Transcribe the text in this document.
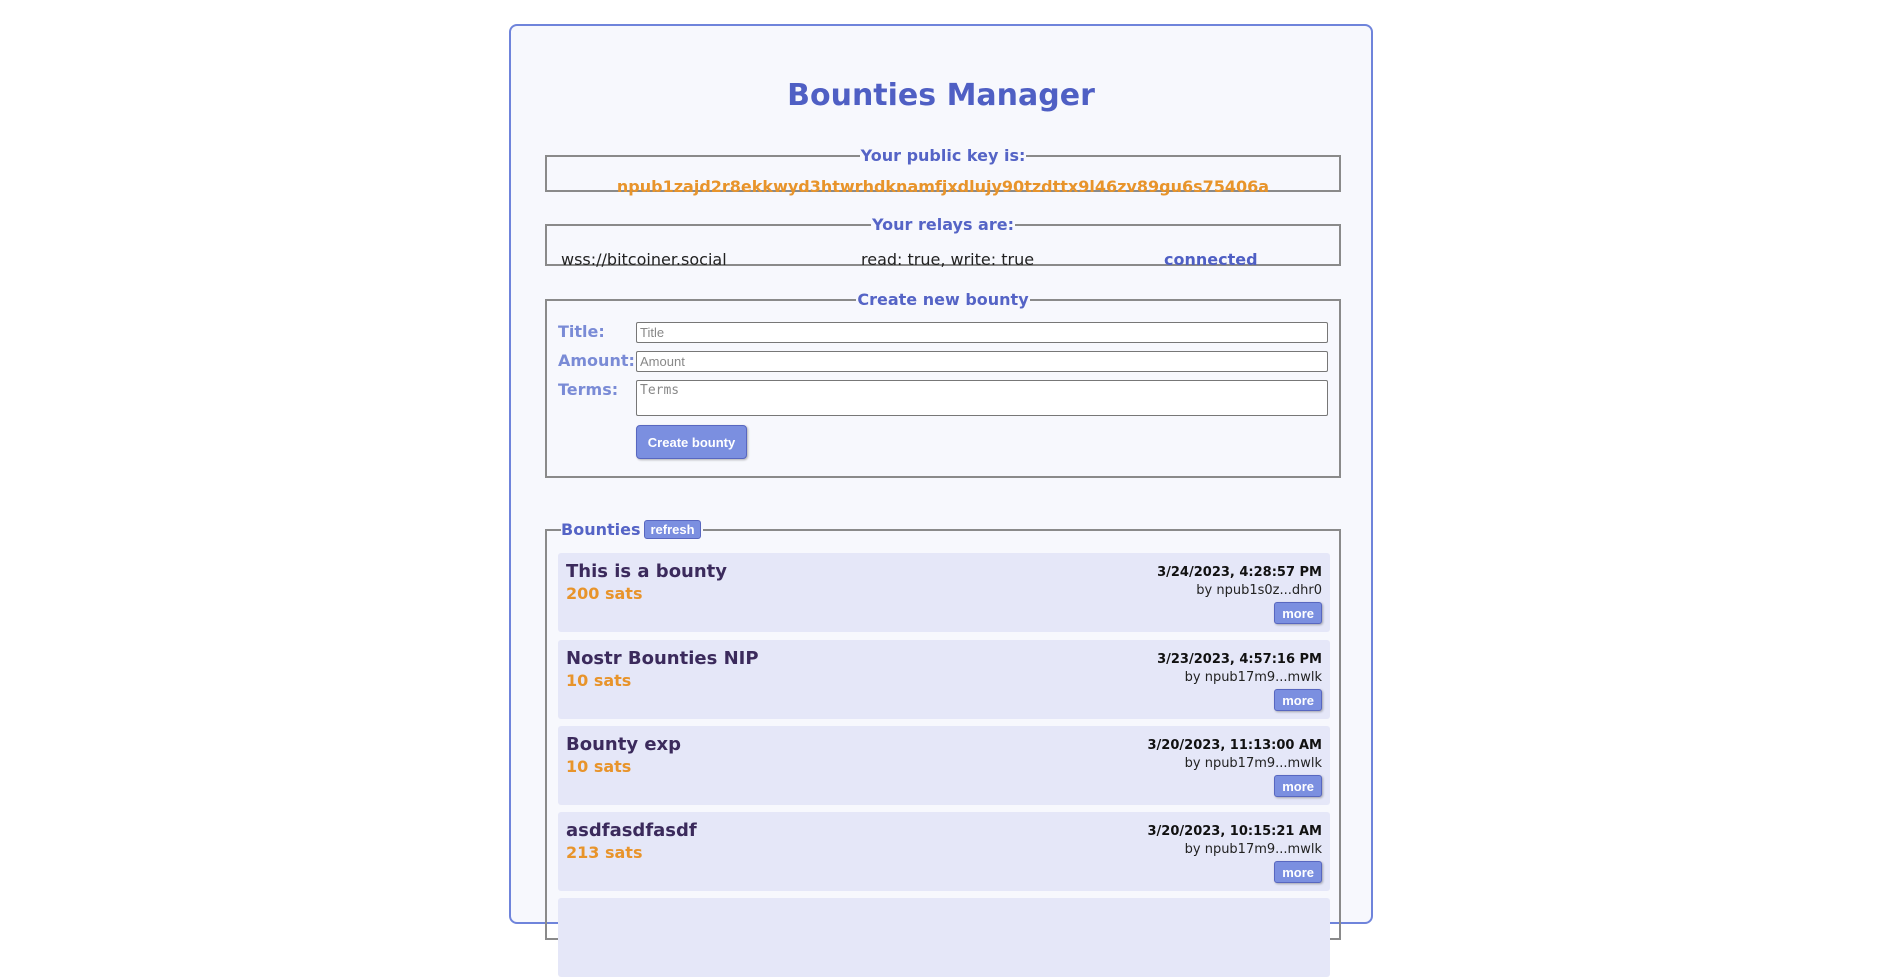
Bounties Manager
Your public key is:
npub1zajd2r8ekkwyd3htwrhdknamfjxdlujy90tzdttx9l46zv89gu6s75406a
Your relays are:
wss://bitcoiner.social	read: true, write: true	connected
Create new bounty
Title:
Title
Amount:
Amount
Terms:
Terms
Create bounty
Bounties refresh
This is a bounty
200 sats
3/24/2023, 4:28:57 PM
by npub1s0z...dhr0
more
Nostr Bounties NIP
10 sats
3/23/2023, 4:57:16 PM
by npub17m9...mwlk
more
Bounty exp
10 sats
3/20/2023, 11:13:00 AM
by npub17m9...mwlk
more
asdfasdfasdf
213 sats
3/20/2023, 10:15:21 AM
by npub17m9...mwlk
more
